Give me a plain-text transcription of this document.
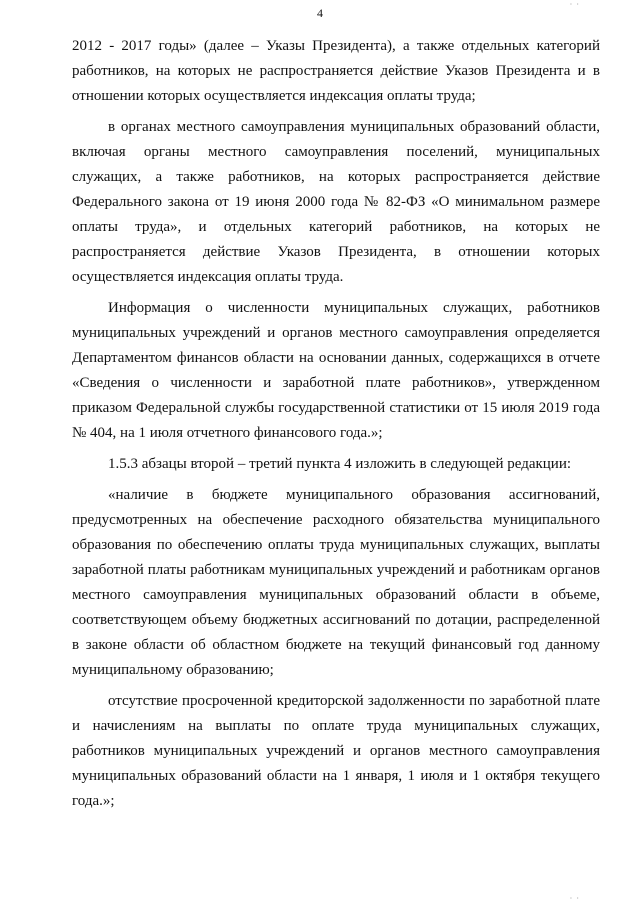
· ·
4

2012 - 2017 годы» (далее – Указы Президента), а также отдельных категорий работников, на которых не распространяется действие Указов Президента и в отношении которых осуществляется индексация оплаты труда;

в органах местного самоуправления муниципальных образований области, включая органы местного самоуправления поселений, муниципальных служащих, а также работников, на которых распространяется действие Федерального закона от 19 июня 2000 года № 82-ФЗ «О минимальном размере оплаты труда», и отдельных категорий работников, на которых не распространяется действие Указов Президента, в отношении которых осуществляется индексация оплаты труда.

Информация о численности муниципальных служащих, работников муниципальных учреждений и органов местного самоуправления определяется Департаментом финансов области на основании данных, содержащихся в отчете «Сведения о численности и заработной плате работников», утвержденном приказом Федеральной службы государственной статистики от 15 июля 2019 года № 404, на 1 июля отчетного финансового года.»;

1.5.3 абзацы второй – третий пункта 4 изложить в следующей редакции:

«наличие в бюджете муниципального образования ассигнований, предусмотренных на обеспечение расходного обязательства муниципального образования по обеспечению оплаты труда муниципальных служащих, выплаты заработной платы работникам муниципальных учреждений и работникам органов местного самоуправления муниципальных образований области в объеме, соответствующем объему бюджетных ассигнований по дотации, распределенной в законе области об областном бюджете на текущий финансовый год данному муниципальному образованию;

отсутствие просроченной кредиторской задолженности по заработной плате и начислениям на выплаты по оплате труда муниципальных служащих, работников муниципальных учреждений и органов местного самоуправления муниципальных образований области на 1 января, 1 июля и 1 октября текущего года.»;

· ·
